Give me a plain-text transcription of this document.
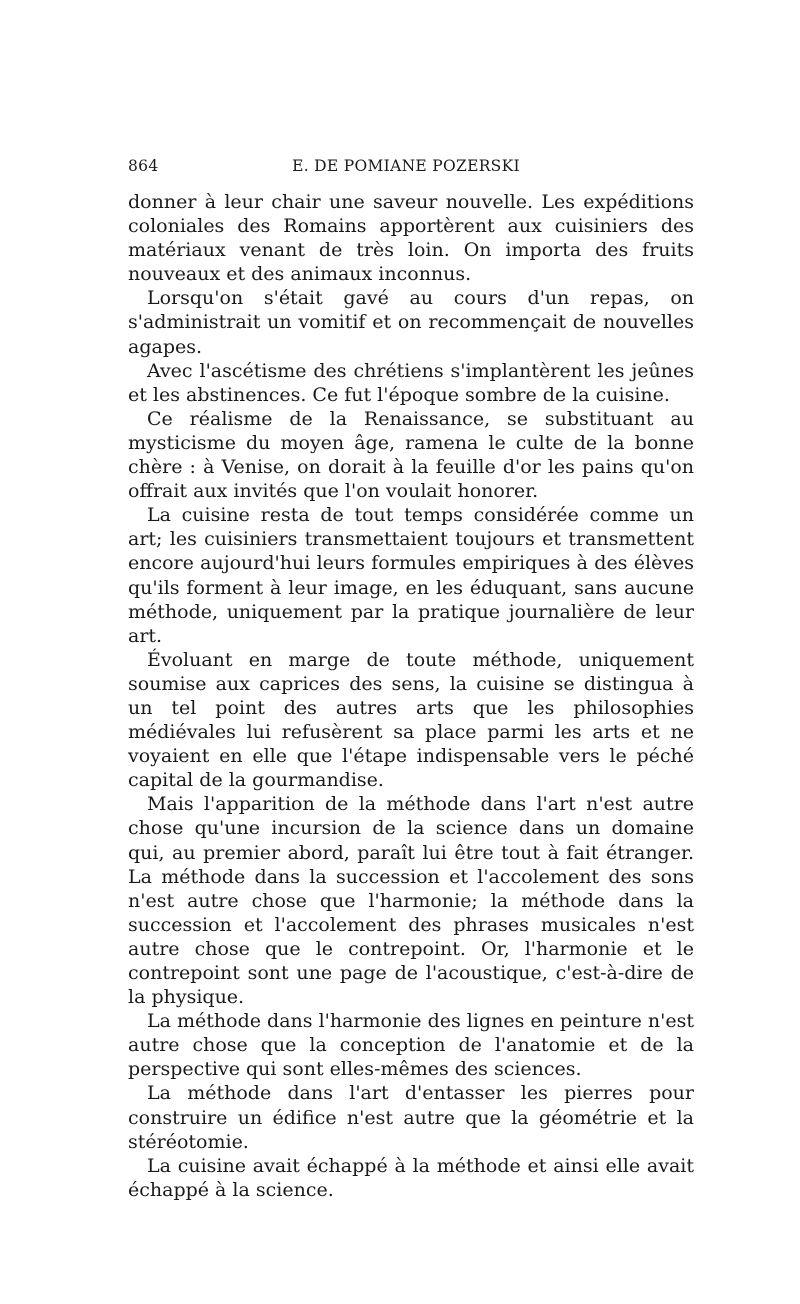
864	E. DE POMIANE POZERSKI

donner à leur chair une saveur nouvelle. Les expéditions coloniales des Romains apportèrent aux cuisiniers des matériaux venant de très loin. On importa des fruits nouveaux et des animaux inconnus.

Lorsqu'on s'était gavé au cours d'un repas, on s'administrait un vomitif et on recommençait de nouvelles agapes.

Avec l'ascétisme des chrétiens s'implantèrent les jeûnes et les abstinences. Ce fut l'époque sombre de la cuisine.

Ce réalisme de la Renaissance, se substituant au mysticisme du moyen âge, ramena le culte de la bonne chère : à Venise, on dorait à la feuille d'or les pains qu'on offrait aux invités que l'on voulait honorer.

La cuisine resta de tout temps considérée comme un art; les cuisiniers transmettaient toujours et transmettent encore aujourd'hui leurs formules empiriques à des élèves qu'ils forment à leur image, en les éduquant, sans aucune méthode, uniquement par la pratique journalière de leur art.

Évoluant en marge de toute méthode, uniquement soumise aux caprices des sens, la cuisine se distingua à un tel point des autres arts que les philosophies médiévales lui refusèrent sa place parmi les arts et ne voyaient en elle que l'étape indispensable vers le péché capital de la gourmandise.

Mais l'apparition de la méthode dans l'art n'est autre chose qu'une incursion de la science dans un domaine qui, au premier abord, paraît lui être tout à fait étranger. La méthode dans la succession et l'accolement des sons n'est autre chose que l'harmonie; la méthode dans la succession et l'accolement des phrases musicales n'est autre chose que le contrepoint. Or, l'harmonie et le contrepoint sont une page de l'acoustique, c'est-à-dire de la physique.

La méthode dans l'harmonie des lignes en peinture n'est autre chose que la conception de l'anatomie et de la perspective qui sont elles-mêmes des sciences.

La méthode dans l'art d'entasser les pierres pour construire un édifice n'est autre que la géométrie et la stéréotomie.

La cuisine avait échappé à la méthode et ainsi elle avait échappé à la science.
